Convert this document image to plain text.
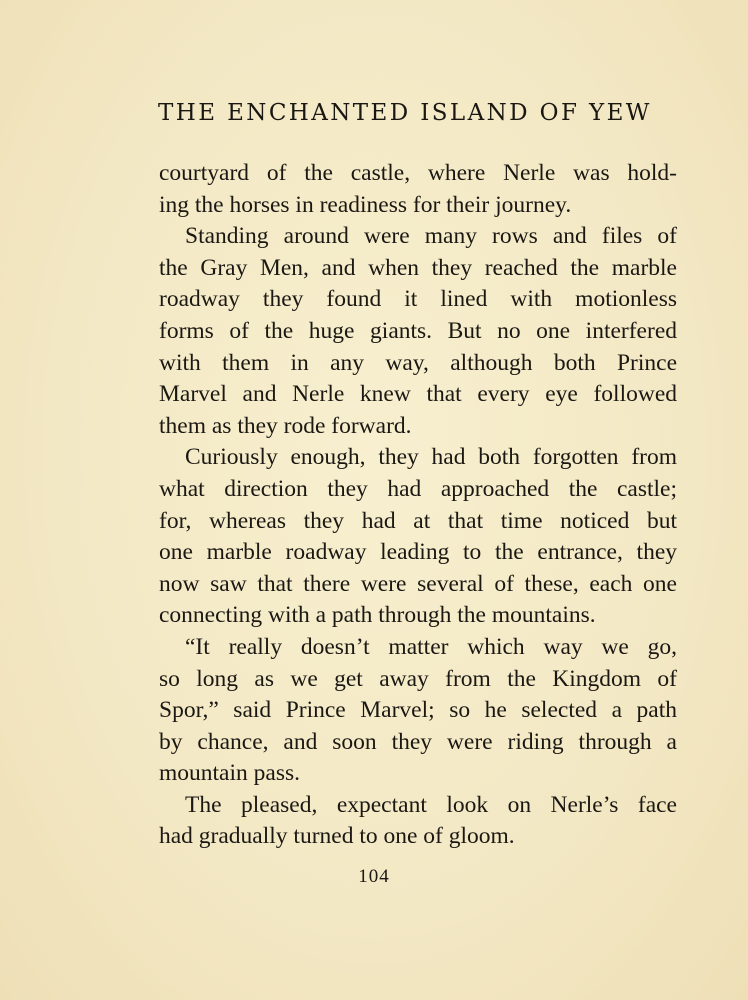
THE ENCHANTED ISLAND OF YEW
courtyard of the castle, where Nerle was hold-
ing the horses in readiness for their journey.
Standing around were many rows and files of
the Gray Men, and when they reached the marble
roadway they found it lined with motionless
forms of the huge giants. But no one interfered
with them in any way, although both Prince
Marvel and Nerle knew that every eye followed
them as they rode forward.
Curiously enough, they had both forgotten from
what direction they had approached the castle;
for, whereas they had at that time noticed but
one marble roadway leading to the entrance, they
now saw that there were several of these, each one
connecting with a path through the mountains.
“It really doesn’t matter which way we go,
so long as we get away from the Kingdom of
Spor,” said Prince Marvel; so he selected a path
by chance, and soon they were riding through a
mountain pass.
The pleased, expectant look on Nerle’s face
had gradually turned to one of gloom.
104
